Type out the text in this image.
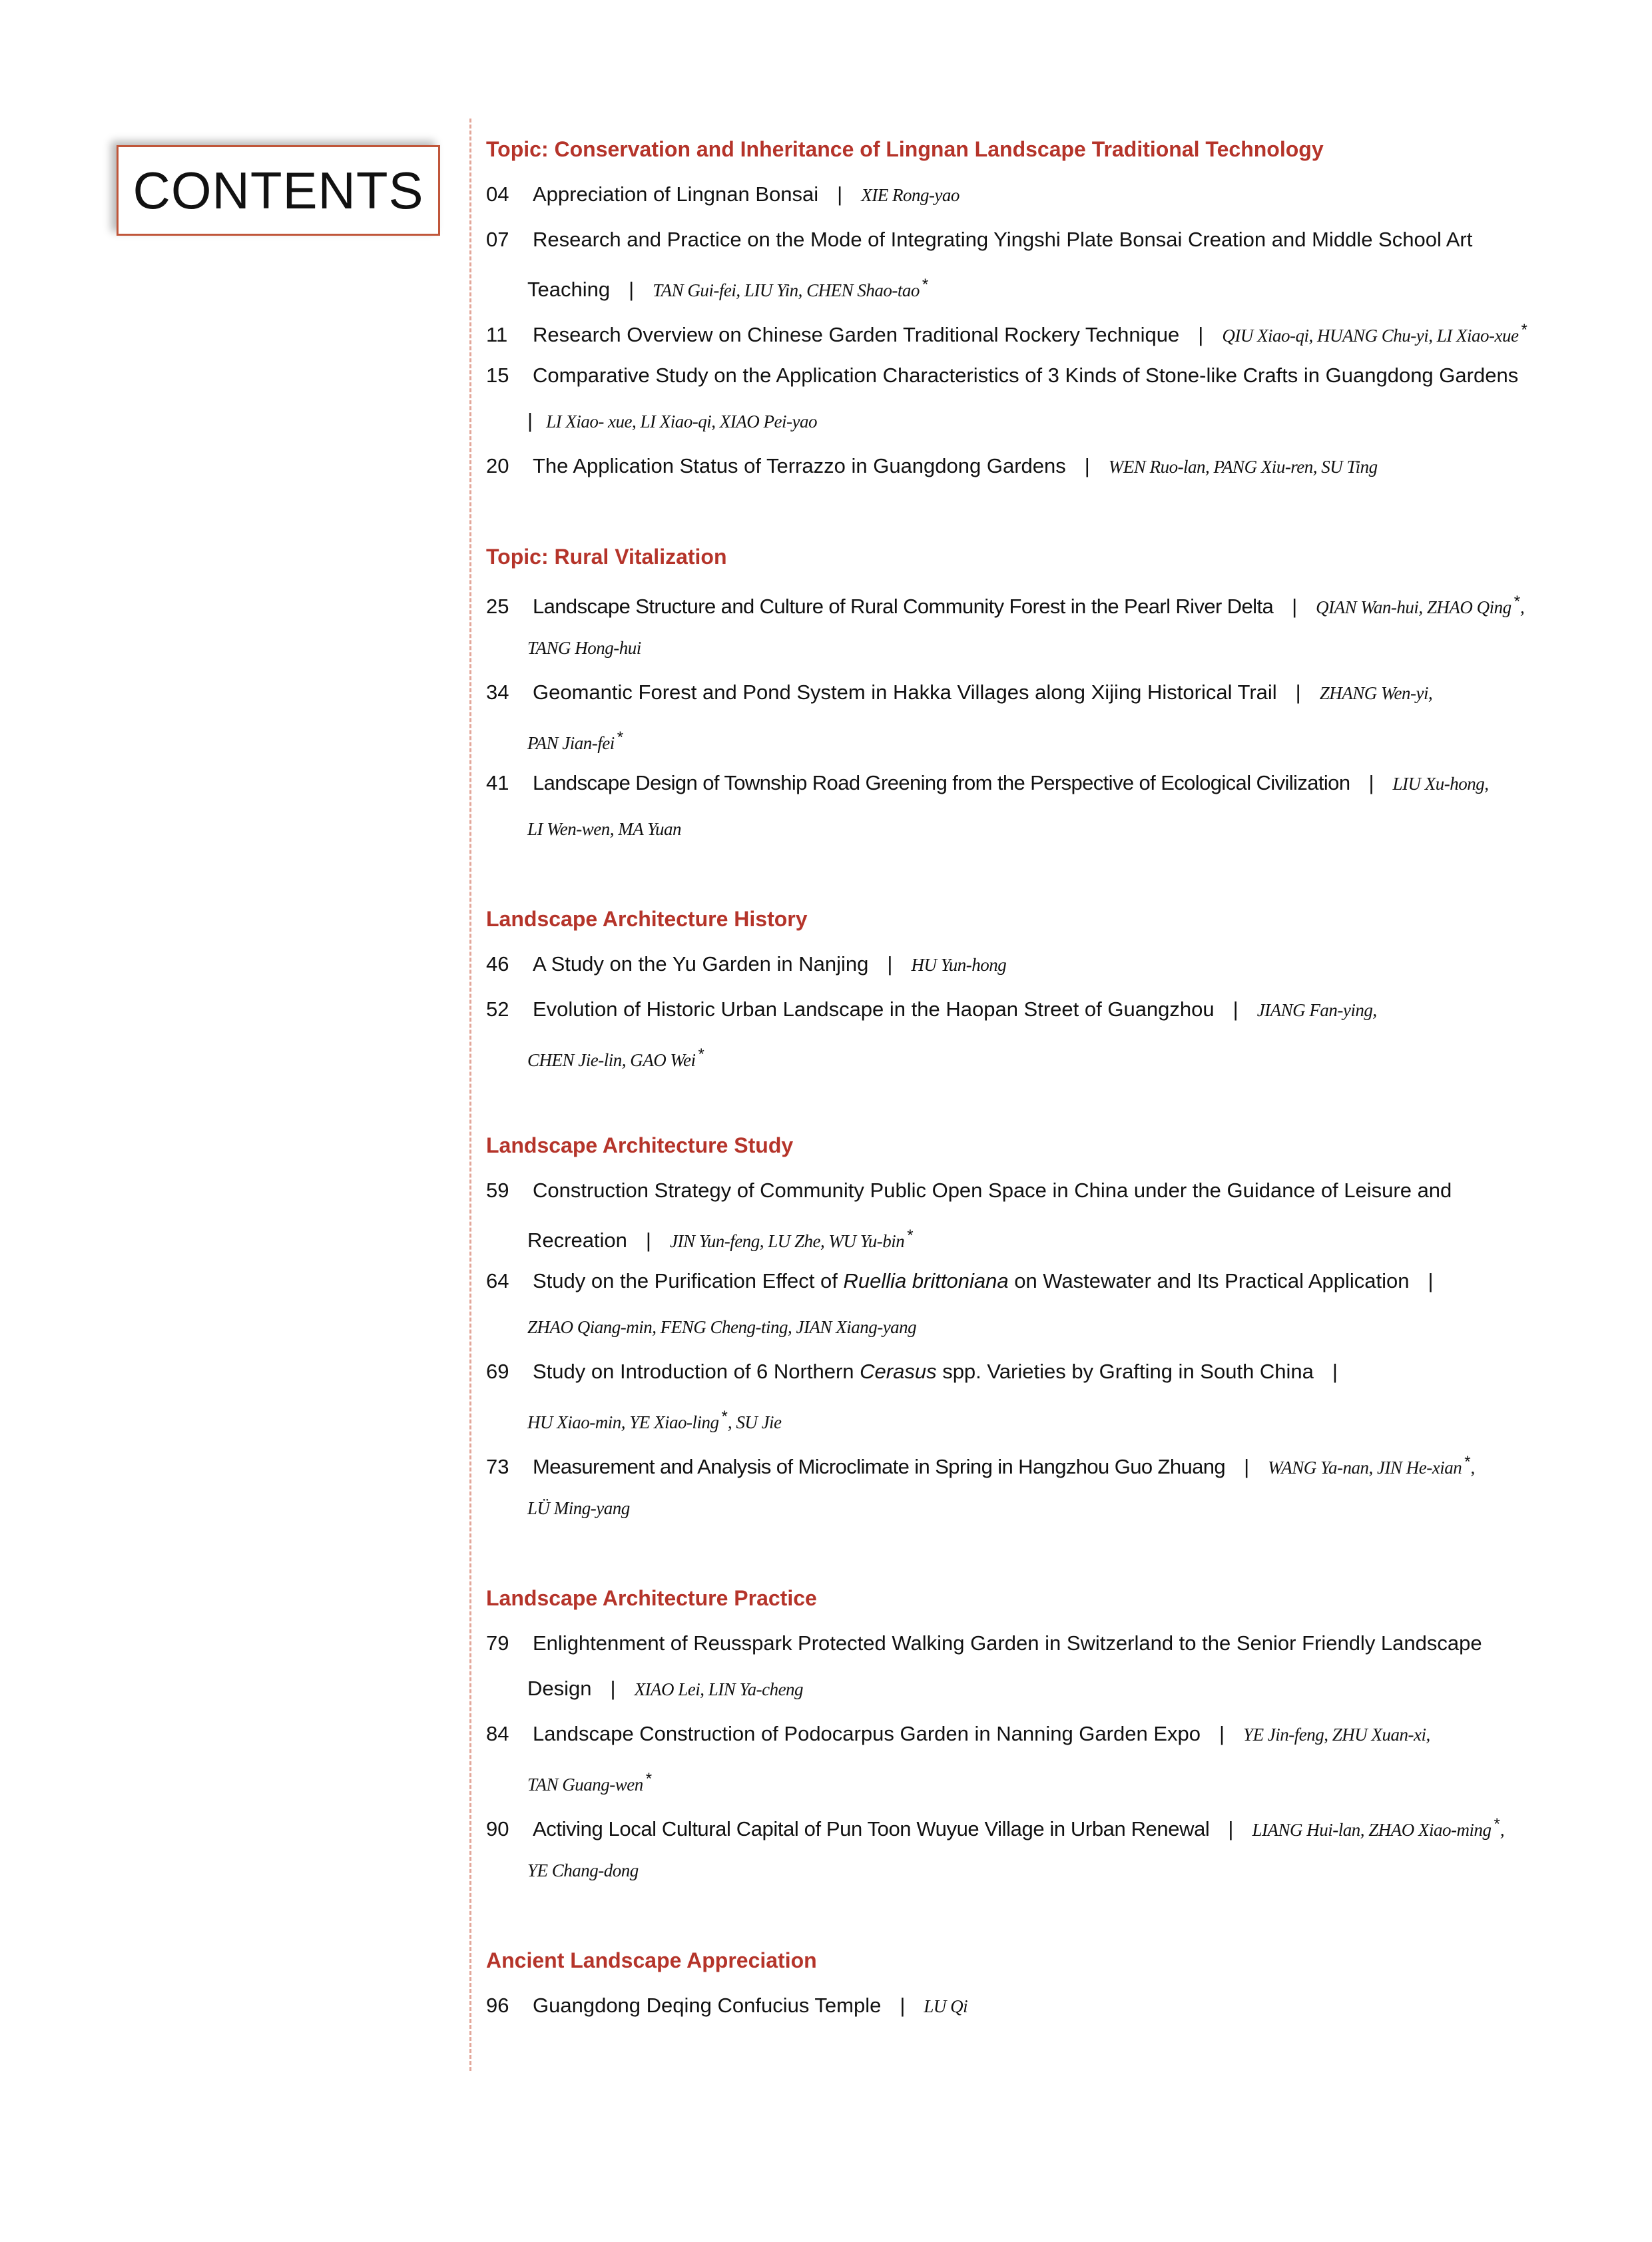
CONTENTS
Topic: Conservation and Inheritance of Lingnan Landscape Traditional Technology
04 Appreciation of Lingnan Bonsai | XIE Rong-yao
07 Research and Practice on the Mode of Integrating Yingshi Plate Bonsai Creation and Middle School Art
Teaching | TAN Gui-fei, LIU Yin, CHEN Shao-tao *
11 Research Overview on Chinese Garden Traditional Rockery Technique | QIU Xiao-qi, HUANG Chu-yi, LI Xiao-xue *
15 Comparative Study on the Application Characteristics of 3 Kinds of Stone-like Crafts in Guangdong Gardens
| LI Xiao- xue, LI Xiao-qi, XIAO Pei-yao
20 The Application Status of Terrazzo in Guangdong Gardens | WEN Ruo-lan, PANG Xiu-ren, SU Ting
Topic: Rural Vitalization
25 Landscape Structure and Culture of Rural Community Forest in the Pearl River Delta | QIAN Wan-hui, ZHAO Qing *,
TANG Hong-hui
34 Geomantic Forest and Pond System in Hakka Villages along Xijing Historical Trail | ZHANG Wen-yi,
PAN Jian-fei *
41 Landscape Design of Township Road Greening from the Perspective of Ecological Civilization | LIU Xu-hong,
LI Wen-wen, MA Yuan
Landscape Architecture History
46 A Study on the Yu Garden in Nanjing | HU Yun-hong
52 Evolution of Historic Urban Landscape in the Haopan Street of Guangzhou | JIANG Fan-ying,
CHEN Jie-lin, GAO Wei *
Landscape Architecture Study
59 Construction Strategy of Community Public Open Space in China under the Guidance of Leisure and
Recreation | JIN Yun-feng, LU Zhe, WU Yu-bin *
64 Study on the Purification Effect of Ruellia brittoniana on Wastewater and Its Practical Application |
ZHAO Qiang-min, FENG Cheng-ting, JIAN Xiang-yang
69 Study on Introduction of 6 Northern Cerasus spp. Varieties by Grafting in South China |
HU Xiao-min, YE Xiao-ling *, SU Jie
73 Measurement and Analysis of Microclimate in Spring in Hangzhou Guo Zhuang | WANG Ya-nan, JIN He-xian *,
LÜ Ming-yang
Landscape Architecture Practice
79 Enlightenment of Reusspark Protected Walking Garden in Switzerland to the Senior Friendly Landscape
Design | XIAO Lei, LIN Ya-cheng
84 Landscape Construction of Podocarpus Garden in Nanning Garden Expo | YE Jin-feng, ZHU Xuan-xi,
TAN Guang-wen *
90 Activing Local Cultural Capital of Pun Toon Wuyue Village in Urban Renewal | LIANG Hui-lan, ZHAO Xiao-ming *,
YE Chang-dong
Ancient Landscape Appreciation
96 Guangdong Deqing Confucius Temple | LU Qi
